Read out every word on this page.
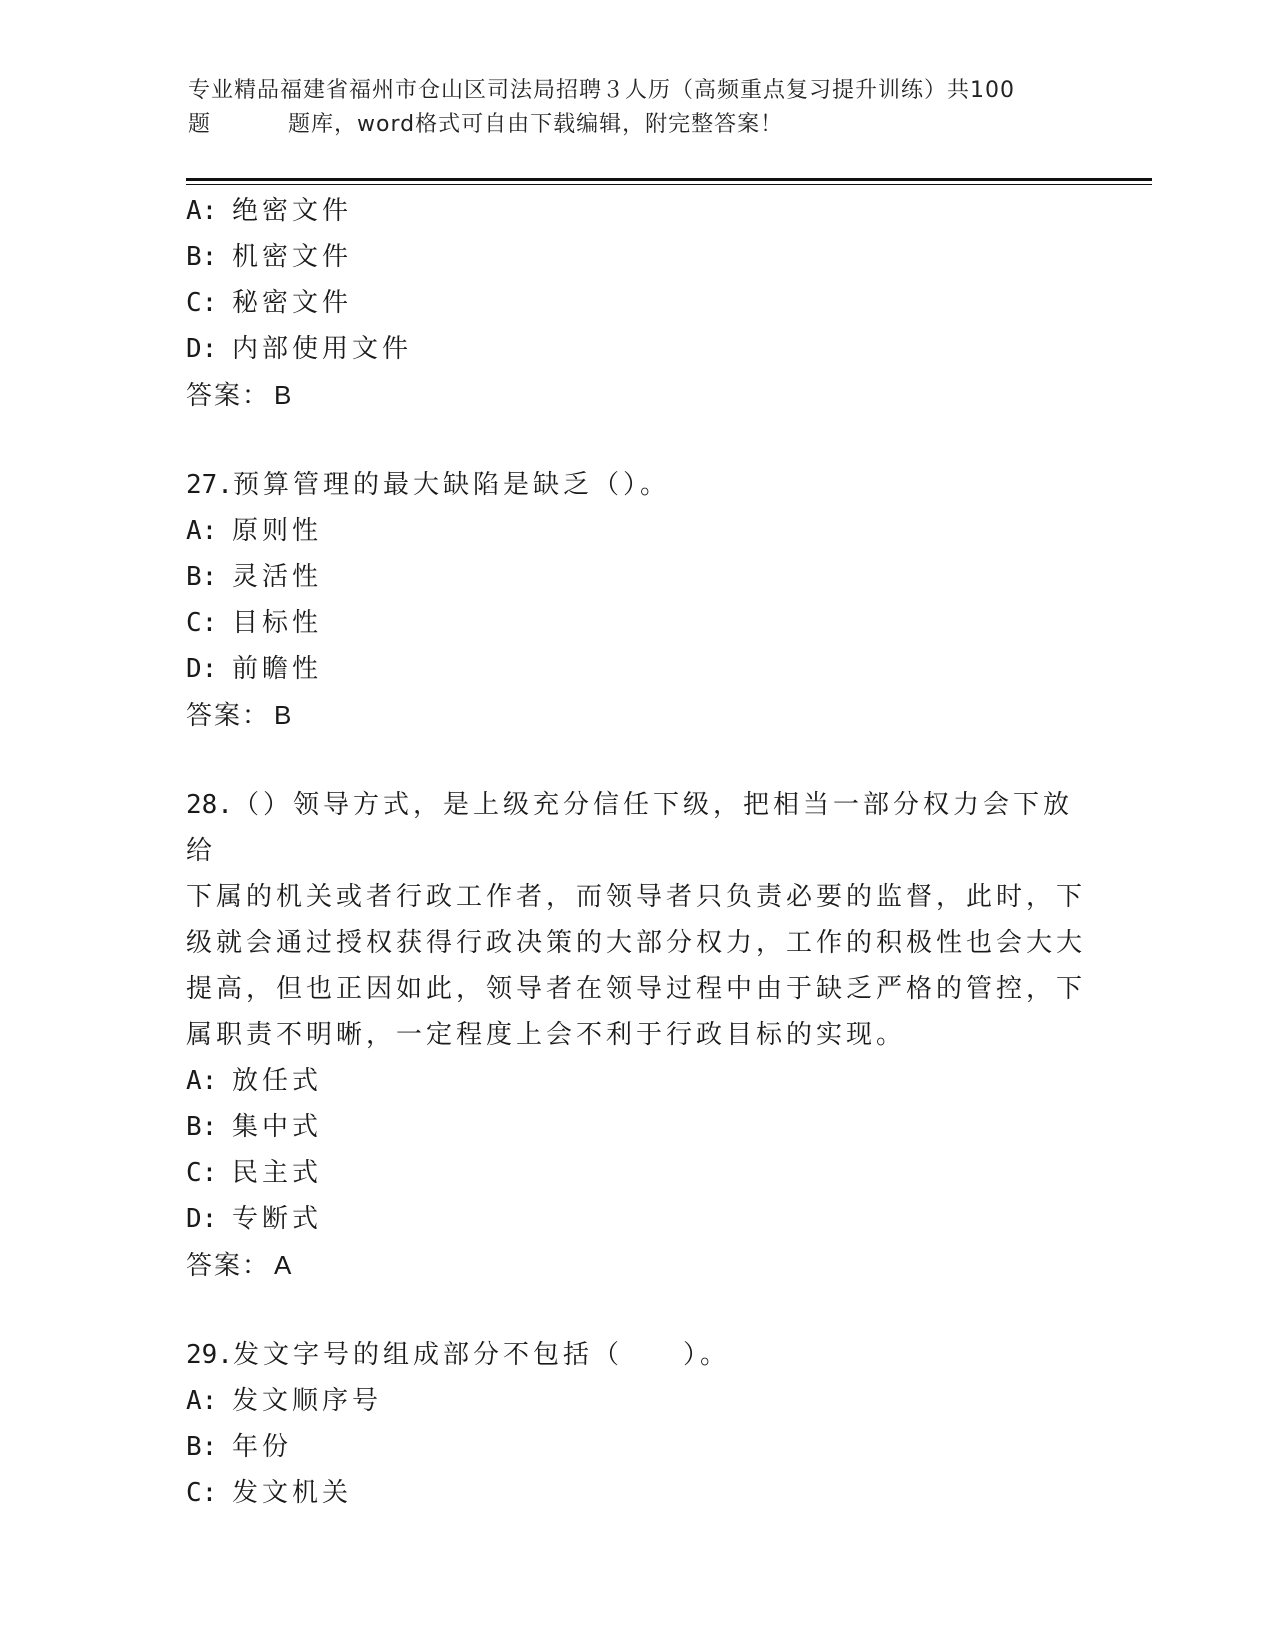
专业精品福建省福州市仓山区司法局招聘３人历（高频重点复习提升训练）共100
题	题库，word格式可自由下载编辑，附完整答案！
A: 绝密文件
B: 机密文件
C: 秘密文件
D: 内部使用文件
答案： B
27.预算管理的最大缺陷是缺乏（）。
A: 原则性
B: 灵活性
C: 目标性
D: 前瞻性
答案： B
28.（）领导方式，是上级充分信任下级，把相当一部分权力会下放给
下属的机关或者行政工作者，而领导者只负责必要的监督，此时，下
级就会通过授权获得行政决策的大部分权力，工作的积极性也会大大
提高，但也正因如此，领导者在领导过程中由于缺乏严格的管控，下
属职责不明晰，一定程度上会不利于行政目标的实现。
A: 放任式
B: 集中式
C: 民主式
D: 专断式
答案： A
29.发文字号的组成部分不包括（　　）。
A: 发文顺序号
B: 年份
C: 发文机关
